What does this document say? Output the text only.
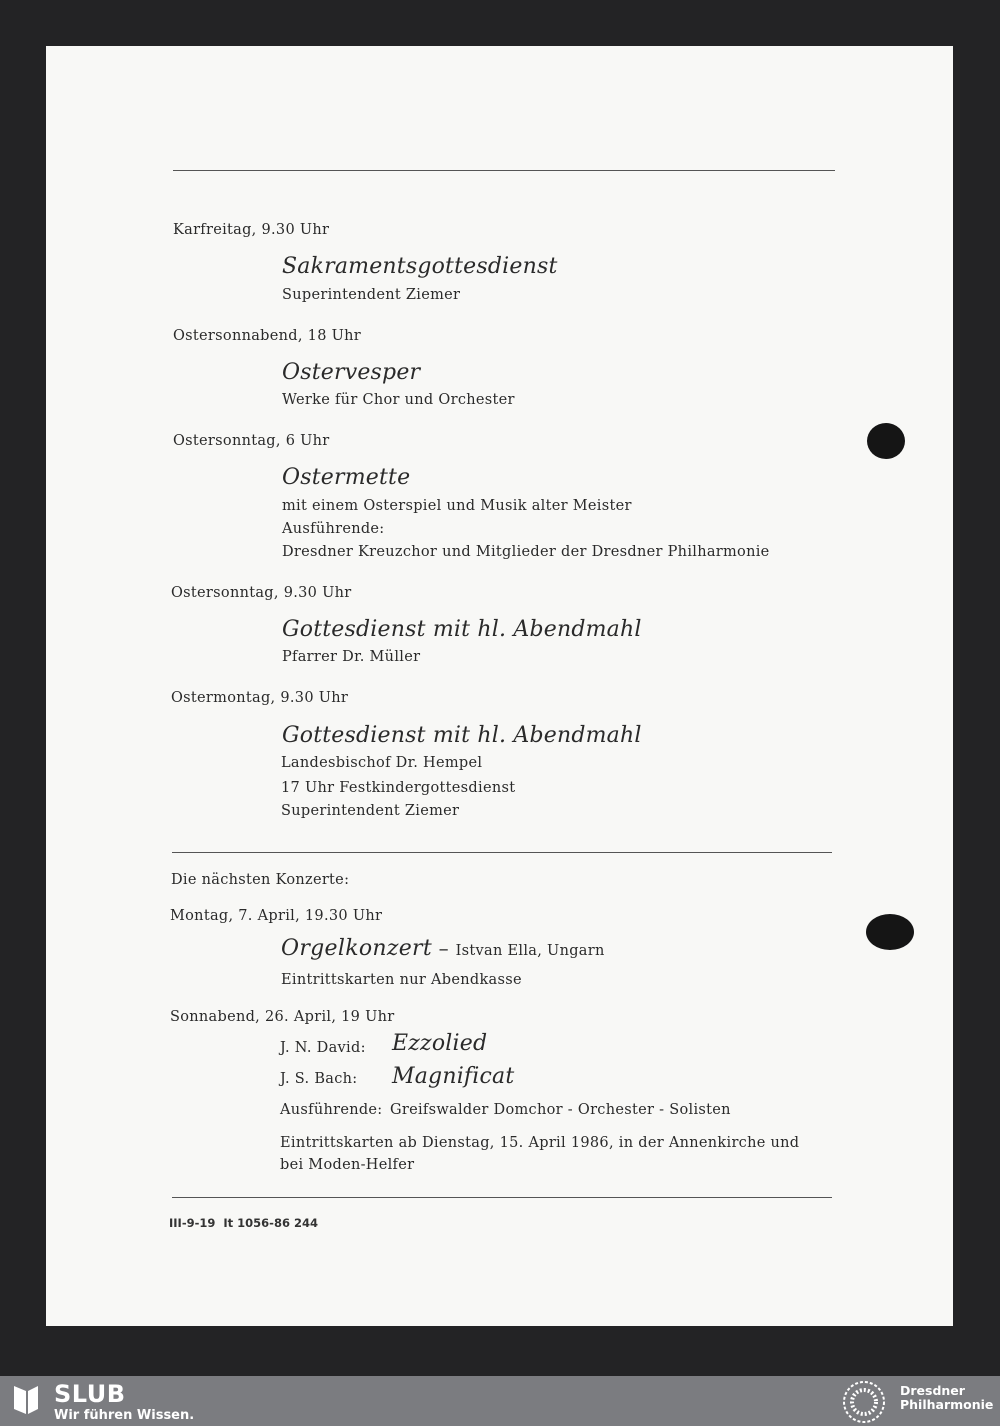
Karfreitag, 9.30 Uhr
Sakramentsgottesdienst
Superintendent Ziemer
Ostersonnabend, 18 Uhr
Ostervesper
Werke für Chor und Orchester
Ostersonntag, 6 Uhr
Ostermette
mit einem Osterspiel und Musik alter Meister
Ausführende:
Dresdner Kreuzchor und Mitglieder der Dresdner Philharmonie
Ostersonntag, 9.30 Uhr
Gottesdienst mit hl. Abendmahl
Pfarrer Dr. Müller
Ostermontag, 9.30 Uhr
Gottesdienst mit hl. Abendmahl
Landesbischof Dr. Hempel
17 Uhr Festkindergottesdienst
Superintendent Ziemer
Die nächsten Konzerte:
Montag, 7. April, 19.30 Uhr
Orgelkonzert – Istvan Ella, Ungarn
Eintrittskarten nur Abendkasse
Sonnabend, 26. April, 19 Uhr
J. N. David: Ezzolied
J. S. Bach: Magnificat
Ausführende: Greifswalder Domchor - Orchester - Solisten
Eintrittskarten ab Dienstag, 15. April 1986, in der Annenkirche und
bei Moden-Helfer
III-9-19  It 1056-86 244
SLUB
Wir führen Wissen.
Dresdner
Philharmonie
